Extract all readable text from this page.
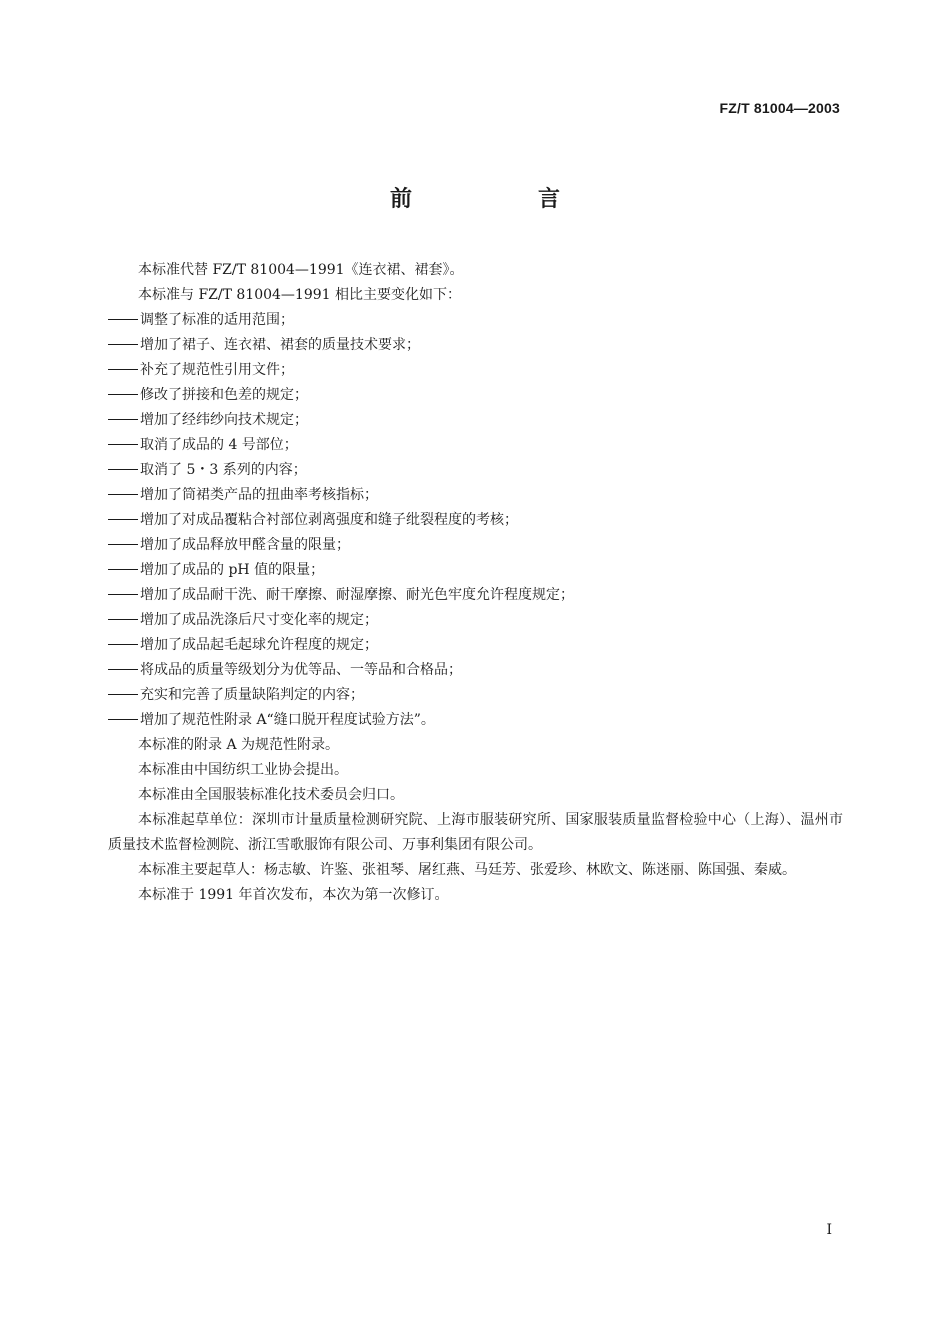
FZ/T 81004—2003
前　言
本标准代替 FZ/T 81004—1991《连衣裙、裙套》。
本标准与 FZ/T 81004—1991 相比主要变化如下：
调整了标准的适用范围；
增加了裙子、连衣裙、裙套的质量技术要求；
补充了规范性引用文件；
修改了拼接和色差的规定；
增加了经纬纱向技术规定；
取消了成品的 4 号部位；
取消了 5・3 系列的内容；
增加了筒裙类产品的扭曲率考核指标；
增加了对成品覆粘合衬部位剥离强度和缝子纰裂程度的考核；
增加了成品释放甲醛含量的限量；
增加了成品的 pH 值的限量；
增加了成品耐干洗、耐干摩擦、耐湿摩擦、耐光色牢度允许程度规定；
增加了成品洗涤后尺寸变化率的规定；
增加了成品起毛起球允许程度的规定；
将成品的质量等级划分为优等品、一等品和合格品；
充实和完善了质量缺陷判定的内容；
增加了规范性附录 A“缝口脱开程度试验方法”。
本标准的附录 A 为规范性附录。
本标准由中国纺织工业协会提出。
本标准由全国服装标准化技术委员会归口。
本标准起草单位：深圳市计量质量检测研究院、上海市服装研究所、国家服装质量监督检验中心（上海）、温州市质量技术监督检测院、浙江雪歌服饰有限公司、万事利集团有限公司。
本标准主要起草人：杨志敏、许鉴、张祖琴、屠红燕、马廷芳、张爱珍、林欧文、陈迷丽、陈国强、秦威。
本标准于 1991 年首次发布，本次为第一次修订。
I
